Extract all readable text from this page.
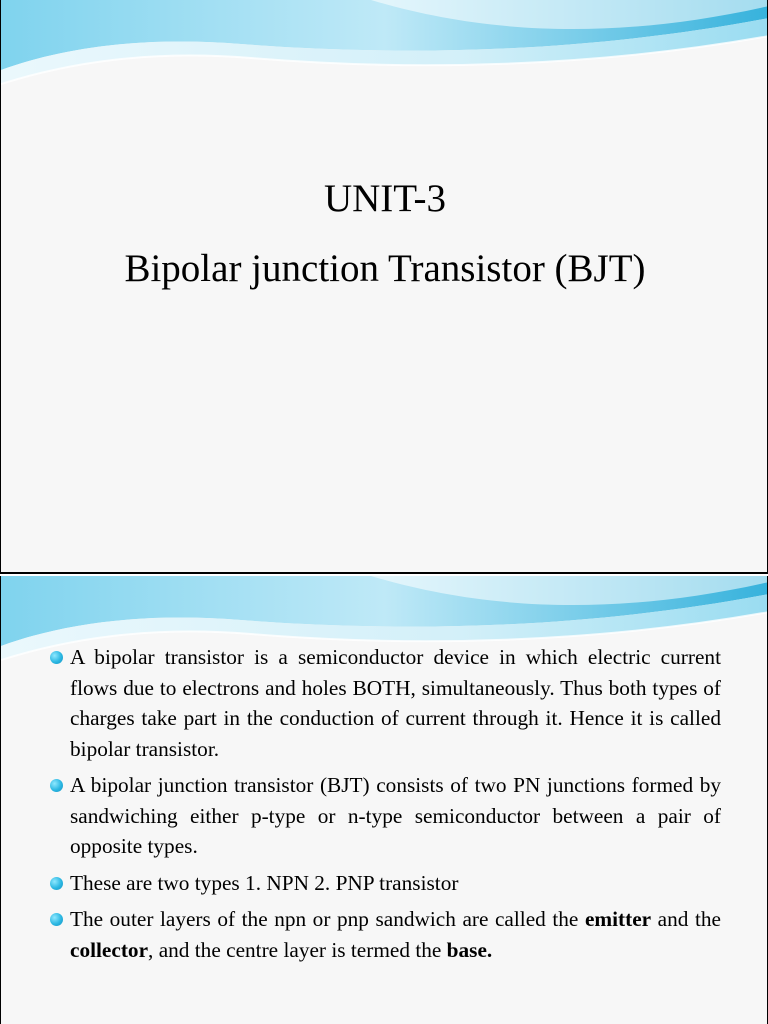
UNIT-3
Bipolar junction Transistor (BJT)
A bipolar transistor is a semiconductor device in which electric current flows due to electrons and holes BOTH, simultaneously. Thus both types of charges take part in the conduction of current through it. Hence it is called bipolar transistor.
A bipolar junction transistor (BJT) consists of two PN junctions formed by sandwiching either p-type or n-type semiconductor between a pair of opposite types.
These are two types 1. NPN 2. PNP transistor
The outer layers of the npn or pnp sandwich are called the emitter and the collector, and the centre layer is termed the base.
